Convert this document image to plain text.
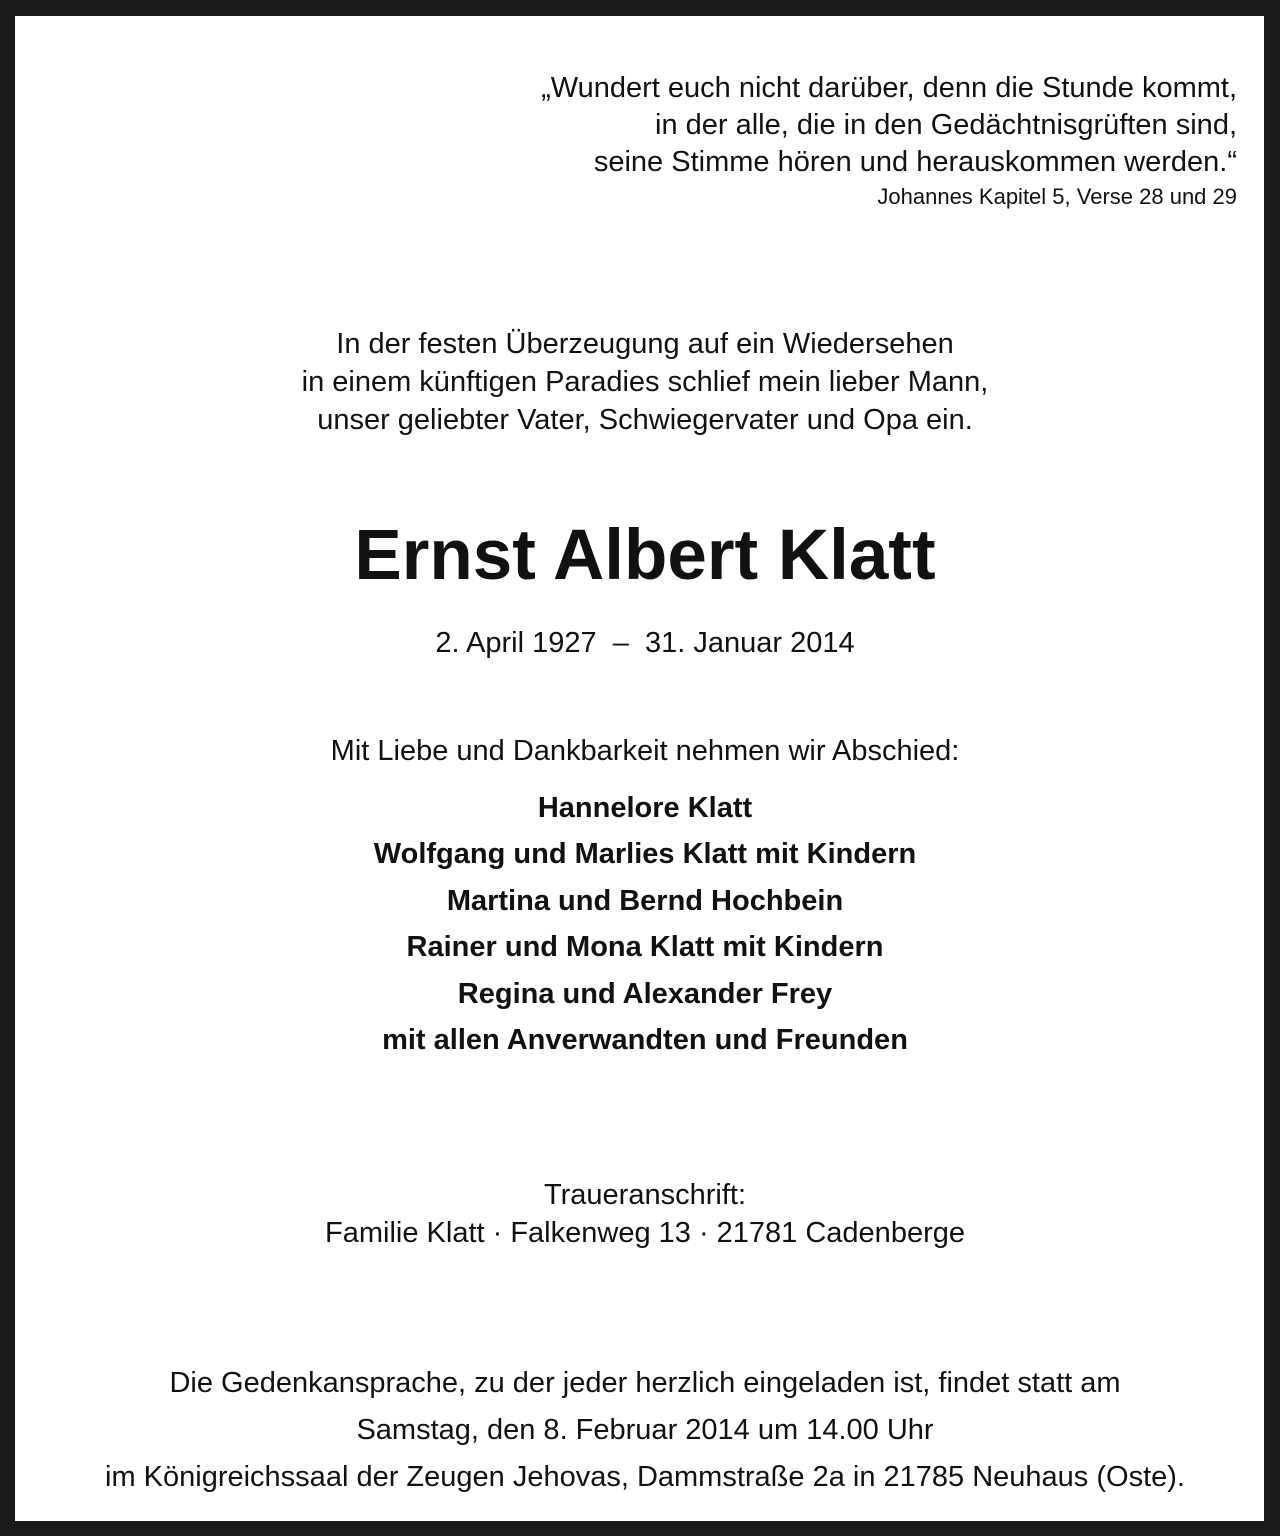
„Wundert euch nicht darüber, denn die Stunde kommt,
in der alle, die in den Gedächtnisgrüften sind,
seine Stimme hören und herauskommen werden.“
Johannes Kapitel 5, Verse 28 und 29
In der festen Überzeugung auf ein Wiedersehen
in einem künftigen Paradies schlief mein lieber Mann,
unser geliebter Vater, Schwiegervater und Opa ein.
Ernst Albert Klatt
2. April 1927  –  31. Januar 2014
Mit Liebe und Dankbarkeit nehmen wir Abschied:
Hannelore Klatt
Wolfgang und Marlies Klatt mit Kindern
Martina und Bernd Hochbein
Rainer und Mona Klatt mit Kindern
Regina und Alexander Frey
mit allen Anverwandten und Freunden
Traueranschrift:
Familie Klatt · Falkenweg 13 · 21781 Cadenberge
Die Gedenkansprache, zu der jeder herzlich eingeladen ist, findet statt am
Samstag, den 8. Februar 2014 um 14.00 Uhr
im Königreichssaal der Zeugen Jehovas, Dammstraße 2a in 21785 Neuhaus (Oste).
